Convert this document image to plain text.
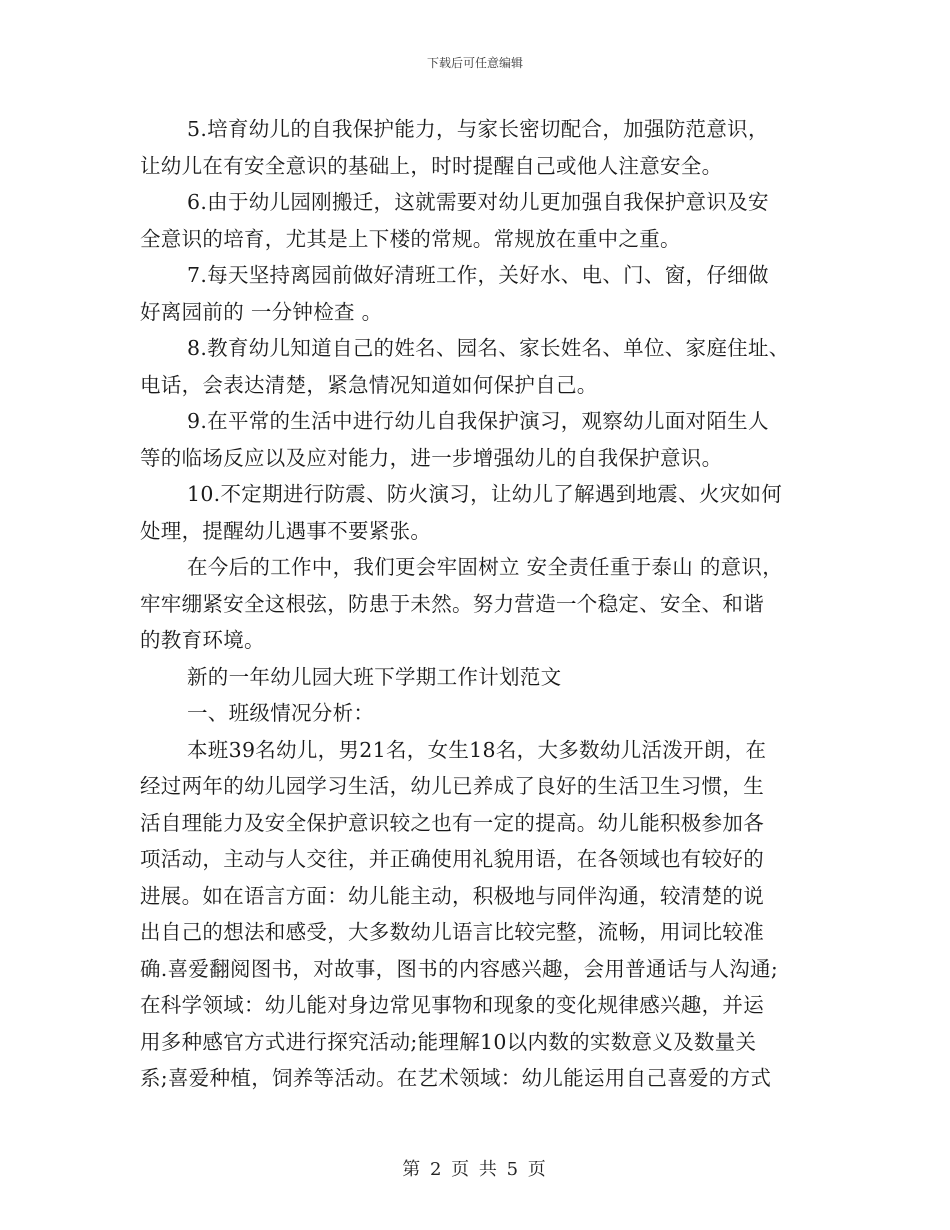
下载后可任意编辑
5.培育幼儿的自我保护能力，与家长密切配合，加强防范意识，
让幼儿在有安全意识的基础上，时时提醒自己或他人注意安全。
6.由于幼儿园刚搬迁，这就需要对幼儿更加强自我保护意识及安
全意识的培育，尤其是上下楼的常规。常规放在重中之重。
7.每天坚持离园前做好清班工作，关好水、电、门、窗，仔细做
好离园前的 一分钟检查 。
8.教育幼儿知道自己的姓名、园名、家长姓名、单位、家庭住址、
电话，会表达清楚，紧急情况知道如何保护自己。
9.在平常的生活中进行幼儿自我保护演习，观察幼儿面对陌生人
等的临场反应以及应对能力，进一步增强幼儿的自我保护意识。
10.不定期进行防震、防火演习，让幼儿了解遇到地震、火灾如何
处理，提醒幼儿遇事不要紧张。
在今后的工作中，我们更会牢固树立 安全责任重于泰山 的意识，
牢牢绷紧安全这根弦，防患于未然。努力营造一个稳定、安全、和谐
的教育环境。
新的一年幼儿园大班下学期工作计划范文
一、班级情况分析：
本班39名幼儿，男21名，女生18名，大多数幼儿活泼开朗，在
经过两年的幼儿园学习生活，幼儿已养成了良好的生活卫生习惯，生
活自理能力及安全保护意识较之也有一定的提高。幼儿能积极参加各
项活动，主动与人交往，并正确使用礼貌用语，在各领域也有较好的
进展。如在语言方面：幼儿能主动，积极地与同伴沟通，较清楚的说
出自己的想法和感受，大多数幼儿语言比较完整，流畅，用词比较准
确.喜爱翻阅图书，对故事，图书的内容感兴趣，会用普通话与人沟通;
在科学领域：幼儿能对身边常见事物和现象的变化规律感兴趣，并运
用多种感官方式进行探究活动;能理解10以内数的实数意义及数量关
系;喜爱种植，饲养等活动。在艺术领域：幼儿能运用自己喜爱的方式
第 2 页 共 5 页
